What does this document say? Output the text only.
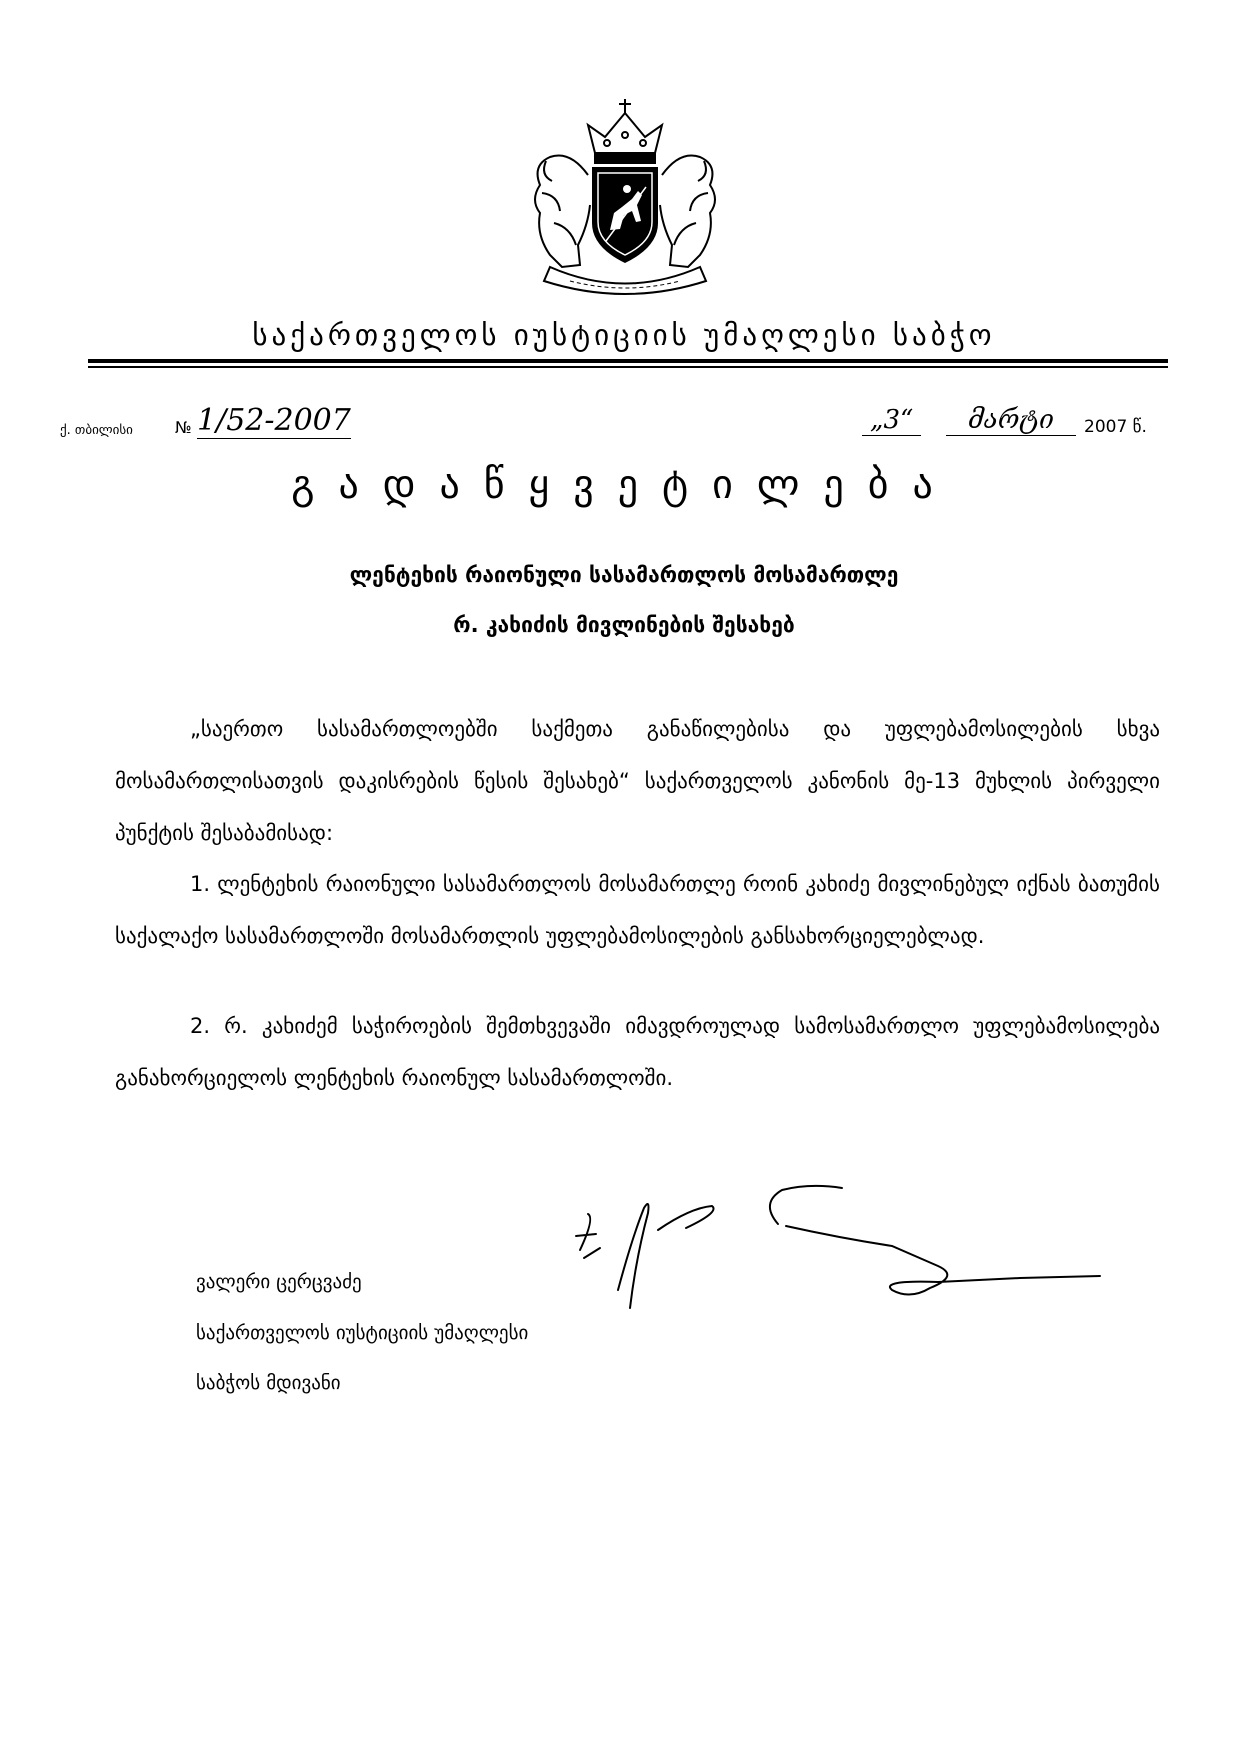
საქართველოს იუსტიციის უმაღლესი საბჭო
ქ. თბილისი	№ 1/52-2007	„3“	მარტი	2007 წ.
გადაწყვეტილება
ლენტეხის რაიონული სასამართლოს მოსამართლე
რ. კახიძის მივლინების შესახებ
„საერთო სასამართლოებში საქმეთა განაწილებისა და უფლებამოსილების სხვა მოსამართლისათვის დაკისრების წესის შესახებ“ საქართველოს კანონის მე-13 მუხლის პირველი პუნქტის შესაბამისად:
1. ლენტეხის რაიონული სასამართლოს მოსამართლე როინ კახიძე მივლინებულ იქნას ბათუმის საქალაქო სასამართლოში მოსამართლის უფლებამოსილების განსახორციელებლად.
2. რ. კახიძემ საჭიროების შემთხვევაში იმავდროულად სამოსამართლო უფლებამოსილება განახორციელოს ლენტეხის რაიონულ სასამართლოში.
ვალერი ცერცვაძე
საქართველოს იუსტიციის უმაღლესი
საბჭოს მდივანი
